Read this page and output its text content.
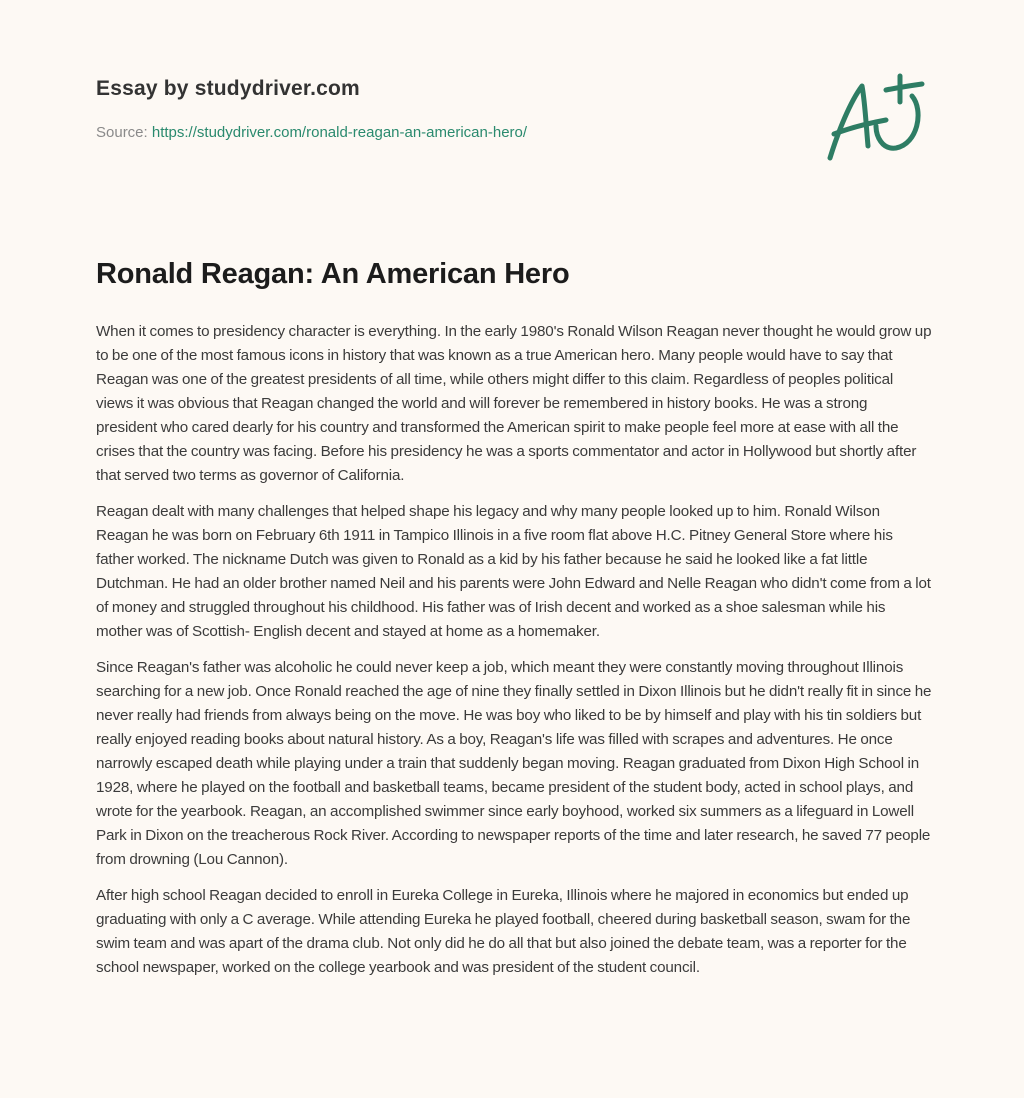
Essay by studydriver.com
Source: https://studydriver.com/ronald-reagan-an-american-hero/
Ronald Reagan: An American Hero

When it comes to presidency character is everything. In the early 1980's Ronald Wilson Reagan never thought he would grow up to be one of the most famous icons in history that was known as a true American hero. Many people would have to say that Reagan was one of the greatest presidents of all time, while others might differ to this claim. Regardless of peoples political views it was obvious that Reagan changed the world and will forever be remembered in history books. He was a strong president who cared dearly for his country and transformed the American spirit to make people feel more at ease with all the crises that the country was facing. Before his presidency he was a sports commentator and actor in Hollywood but shortly after that served two terms as governor of California.

Reagan dealt with many challenges that helped shape his legacy and why many people looked up to him. Ronald Wilson Reagan he was born on February 6th 1911 in Tampico Illinois in a five room flat above H.C. Pitney General Store where his father worked. The nickname Dutch was given to Ronald as a kid by his father because he said he looked like a fat little Dutchman. He had an older brother named Neil and his parents were John Edward and Nelle Reagan who didn't come from a lot of money and struggled throughout his childhood. His father was of Irish decent and worked as a shoe salesman while his mother was of Scottish- English decent and stayed at home as a homemaker.

Since Reagan's father was alcoholic he could never keep a job, which meant they were constantly moving throughout Illinois searching for a new job. Once Ronald reached the age of nine they finally settled in Dixon Illinois but he didn't really fit in since he never really had friends from always being on the move. He was boy who liked to be by himself and play with his tin soldiers but really enjoyed reading books about natural history. As a boy, Reagan's life was filled with scrapes and adventures. He once narrowly escaped death while playing under a train that suddenly began moving. Reagan graduated from Dixon High School in 1928, where he played on the football and basketball teams, became president of the student body, acted in school plays, and wrote for the yearbook. Reagan, an accomplished swimmer since early boyhood, worked six summers as a lifeguard in Lowell Park in Dixon on the treacherous Rock River. According to newspaper reports of the time and later research, he saved 77 people from drowning (Lou Cannon).

After high school Reagan decided to enroll in Eureka College in Eureka, Illinois where he majored in economics but ended up graduating with only a C average. While attending Eureka he played football, cheered during basketball season, swam for the swim team and was apart of the drama club. Not only did he do all that but also joined the debate team, was a reporter for the school newspaper, worked on the college yearbook and was president of the student council.
